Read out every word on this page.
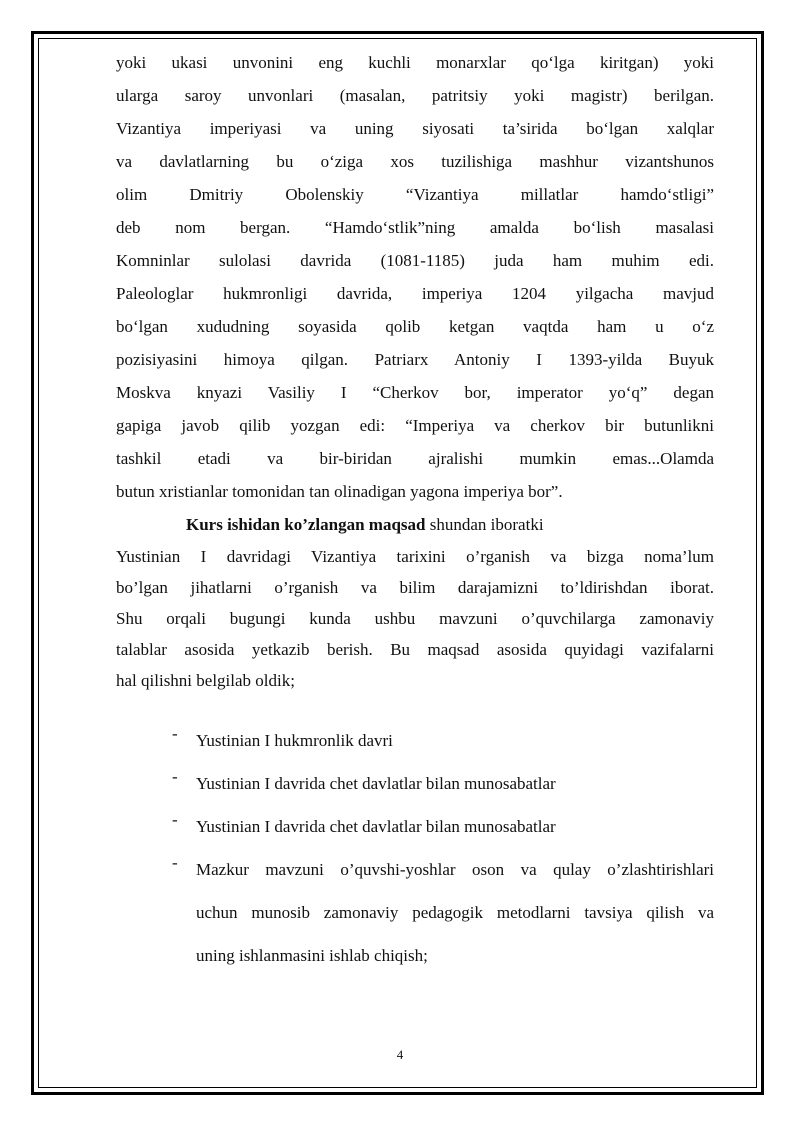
yoki ukasi unvonini eng kuchli monarxlar qo‘lga kiritgan) yoki
ularga saroy unvonlari (masalan, patritsiy yoki magistr) berilgan.
Vizantiya imperiyasi va uning siyosati ta’sirida bo‘lgan xalqlar
va davlatlarning bu o‘ziga xos tuzilishiga mashhur vizantshunos
olim Dmitriy Obolenskiy “Vizantiya millatlar hamdo‘stligi”
deb nom bergan. “Hamdo‘stlik”ning amalda bo‘lish masalasi
Komninlar sulolasi davrida (1081-1185) juda ham muhim edi.
Paleologlar hukmronligi davrida, imperiya 1204 yilgacha mavjud
bo‘lgan xududning soyasida qolib ketgan vaqtda ham u o‘z
pozisiyasini himoya qilgan. Patriarx Antoniy I 1393-yilda Buyuk
Moskva knyazi Vasiliy I “Cherkov bor, imperator yo‘q” degan
gapiga javob qilib yozgan edi: “Imperiya va cherkov bir butunlikni
tashkil etadi va bir-biridan ajralishi mumkin emas...Olamda
butun xristianlar tomonidan tan olinadigan yagona imperiya bor”.
Kurs ishidan ko’zlangan maqsad shundan iboratki
Yustinian I davridagi Vizantiya tarixini o’rganish va bizga noma’lum
bo’lgan jihatlarni o’rganish va bilim darajamizni to’ldirishdan iborat.
Shu orqali bugungi kunda ushbu mavzuni o’quvchilarga zamonaviy
talablar asosida yetkazib berish. Bu maqsad asosida quyidagi vazifalarni
hal qilishni belgilab oldik;
- Yustinian I hukmronlik davri
- Yustinian I davrida chet davlatlar bilan munosabatlar
- Yustinian I davrida chet davlatlar bilan munosabatlar
- Mazkur mavzuni o’quvshi-yoshlar oson va qulay o’zlashtirishlari
uchun munosib zamonaviy pedagogik metodlarni tavsiya qilish va
uning ishlanmasini ishlab chiqish;
4
